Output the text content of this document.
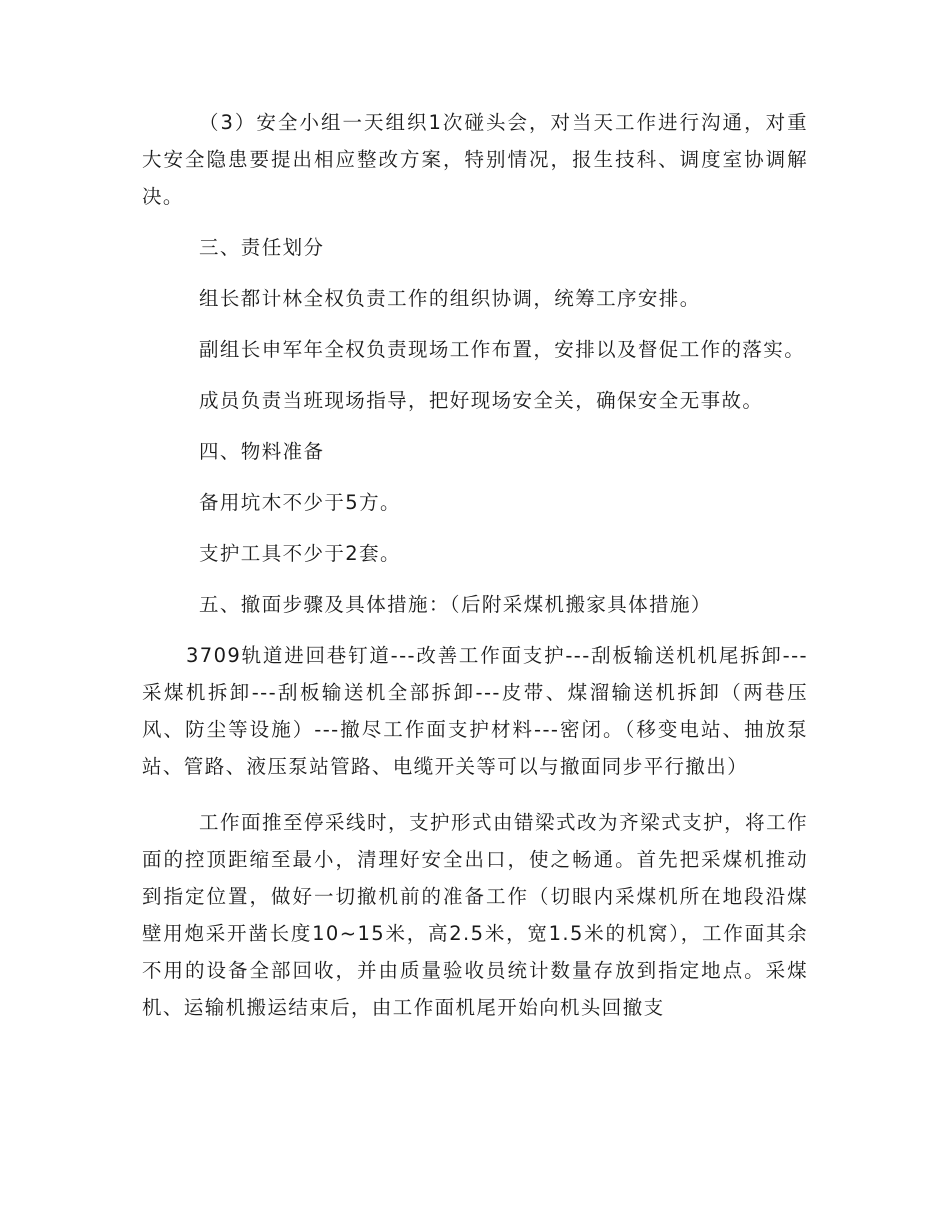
（3）安全小组一天组织1次碰头会，对当天工作进行沟通，对重大安全隐患要提出相应整改方案，特别情况，报生技科、调度室协调解决。

三、责任划分

组长都计林全权负责工作的组织协调，统筹工序安排。

副组长申军年全权负责现场工作布置，安排以及督促工作的落实。

成员负责当班现场指导，把好现场安全关，确保安全无事故。

四、物料准备

备用坑木不少于5方。

支护工具不少于2套。

五、撤面步骤及具体措施：（后附采煤机搬家具体措施）

3709轨道进回巷钉道---改善工作面支护---刮板输送机机尾拆卸---采煤机拆卸---刮板输送机全部拆卸---皮带、煤溜输送机拆卸（两巷压风、防尘等设施）---撤尽工作面支护材料---密闭。（移变电站、抽放泵站、管路、液压泵站管路、电缆开关等可以与撤面同步平行撤出）

工作面推至停采线时，支护形式由错梁式改为齐梁式支护，将工作面的控顶距缩至最小，清理好安全出口，使之畅通。首先把采煤机推动到指定位置，做好一切撤机前的准备工作（切眼内采煤机所在地段沿煤壁用炮采开凿长度10~15米，高2.5米，宽1.5米的机窝），工作面其余不用的设备全部回收，并由质量验收员统计数量存放到指定地点。采煤机、运输机搬运结束后，由工作面机尾开始向机头回撤支
